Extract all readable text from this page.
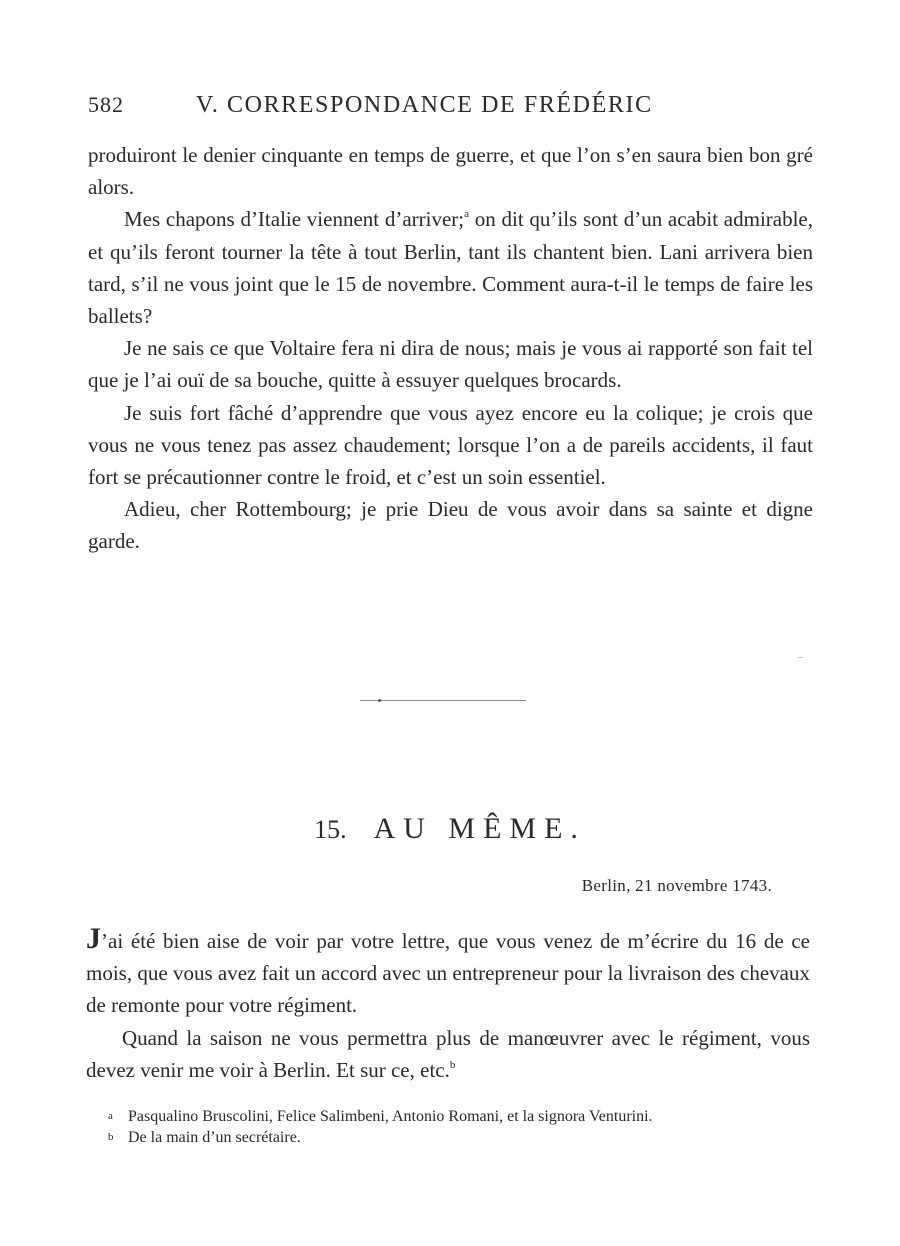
582	V. CORRESPONDANCE DE FRÉDÉRIC

produiront le denier cinquante en temps de guerre, et que l’on s’en saura bien bon gré alors.

Mes chapons d’Italie viennent d’arriver;$^a$ on dit qu’ils sont d’un acabit admirable, et qu’ils feront tourner la tête à tout Berlin, tant ils chantent bien. Lani arrivera bien tard, s’il ne vous joint que le 15 de novembre. Comment aura-t-il le temps de faire les ballets?

Je ne sais ce que Voltaire fera ni dira de nous; mais je vous ai rapporté son fait tel que je l’ai ouï de sa bouche, quitte à essuyer quelques brocards.

Je suis fort fâché d’apprendre que vous ayez encore eu la colique; je crois que vous ne vous tenez pas assez chaudement; lorsque l’on a de pareils accidents, il faut fort se précautionner contre le froid, et c’est un soin essentiel.

Adieu, cher Rottembourg; je prie Dieu de vous avoir dans sa sainte et digne garde.

15. AU MÊME.
Berlin, 21 novembre 1743.

J’ai été bien aise de voir par votre lettre, que vous venez de m’écrire du 16 de ce mois, que vous avez fait un accord avec un entrepreneur pour la livraison des chevaux de remonte pour votre régiment.

Quand la saison ne vous permettra plus de manœuvrer avec le régiment, vous devez venir me voir à Berlin. Et sur ce, etc.$^b$

a Pasqualino Bruscolini, Felice Salimbeni, Antonio Romani, et la signora Venturini.
b De la main d’un secrétaire.
